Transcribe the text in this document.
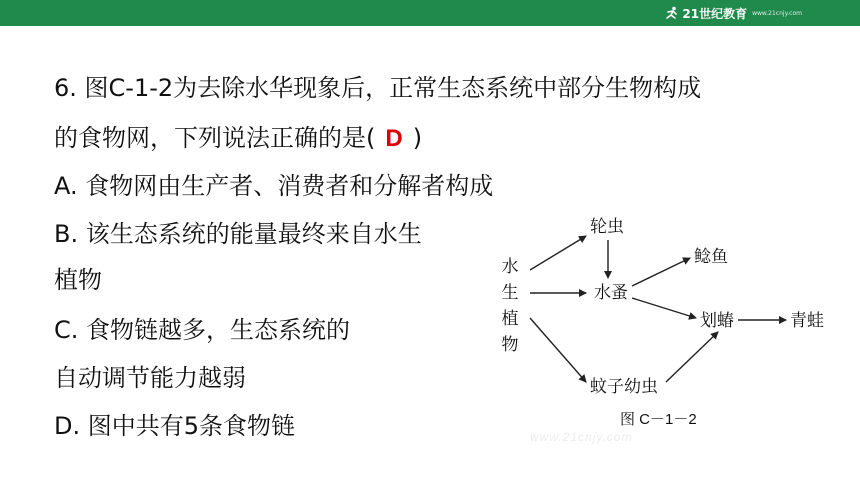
21世纪教育 www.21cnjy.com
6. 图C-1-2为去除水华现象后，正常生态系统中部分生物构成
的食物网，下列说法正确的是( D )
A. 食物网由生产者、消费者和分解者构成
B. 该生态系统的能量最终来自水生
植物
C. 食物链越多，生态系统的
自动调节能力越弱
D. 图中共有5条食物链
水
生
植
物
轮虫
水蚤
鲶鱼
划蝽	青蛙
蚊子幼虫
图 C－1－2
www.21cnjy.com
